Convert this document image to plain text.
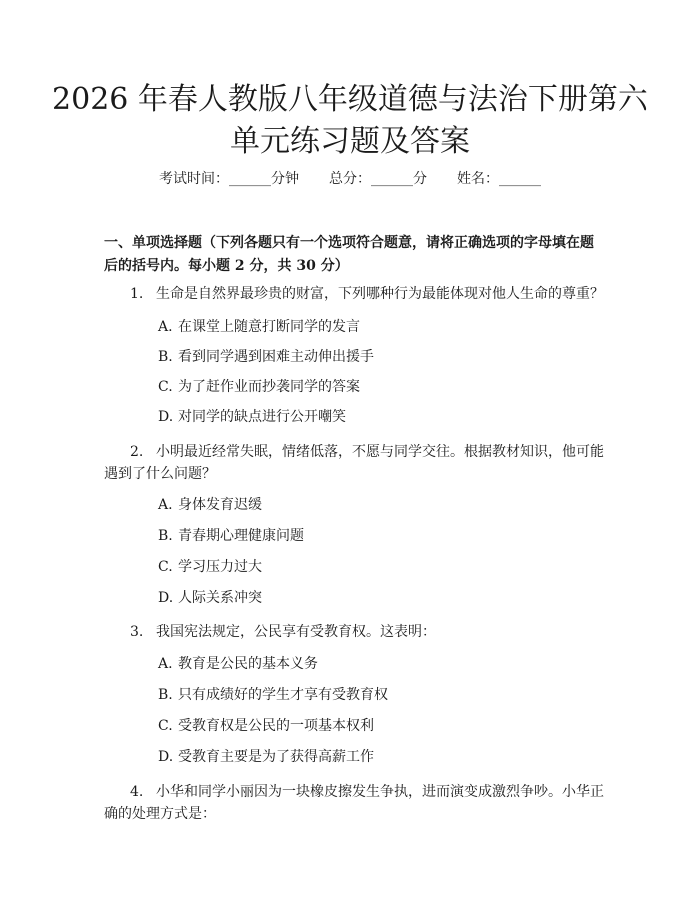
2026 年春人教版八年级道德与法治下册第六
单元练习题及答案
考试时间：______分钟 总分：______分 姓名：______
一、单项选择题（下列各题只有一个选项符合题意，请将正确选项的字母填在题
后的括号内。每小题 2 分，共 30 分）
1. 生命是自然界最珍贵的财富，下列哪种行为最能体现对他人生命的尊重？
A. 在课堂上随意打断同学的发言
B. 看到同学遇到困难主动伸出援手
C. 为了赶作业而抄袭同学的答案
D. 对同学的缺点进行公开嘲笑
2. 小明最近经常失眠，情绪低落，不愿与同学交往。根据教材知识，他可能
遇到了什么问题？
A. 身体发育迟缓
B. 青春期心理健康问题
C. 学习压力过大
D. 人际关系冲突
3. 我国宪法规定，公民享有受教育权。这表明：
A. 教育是公民的基本义务
B. 只有成绩好的学生才享有受教育权
C. 受教育权是公民的一项基本权利
D. 受教育主要是为了获得高薪工作
4. 小华和同学小丽因为一块橡皮擦发生争执，进而演变成激烈争吵。小华正
确的处理方式是：
